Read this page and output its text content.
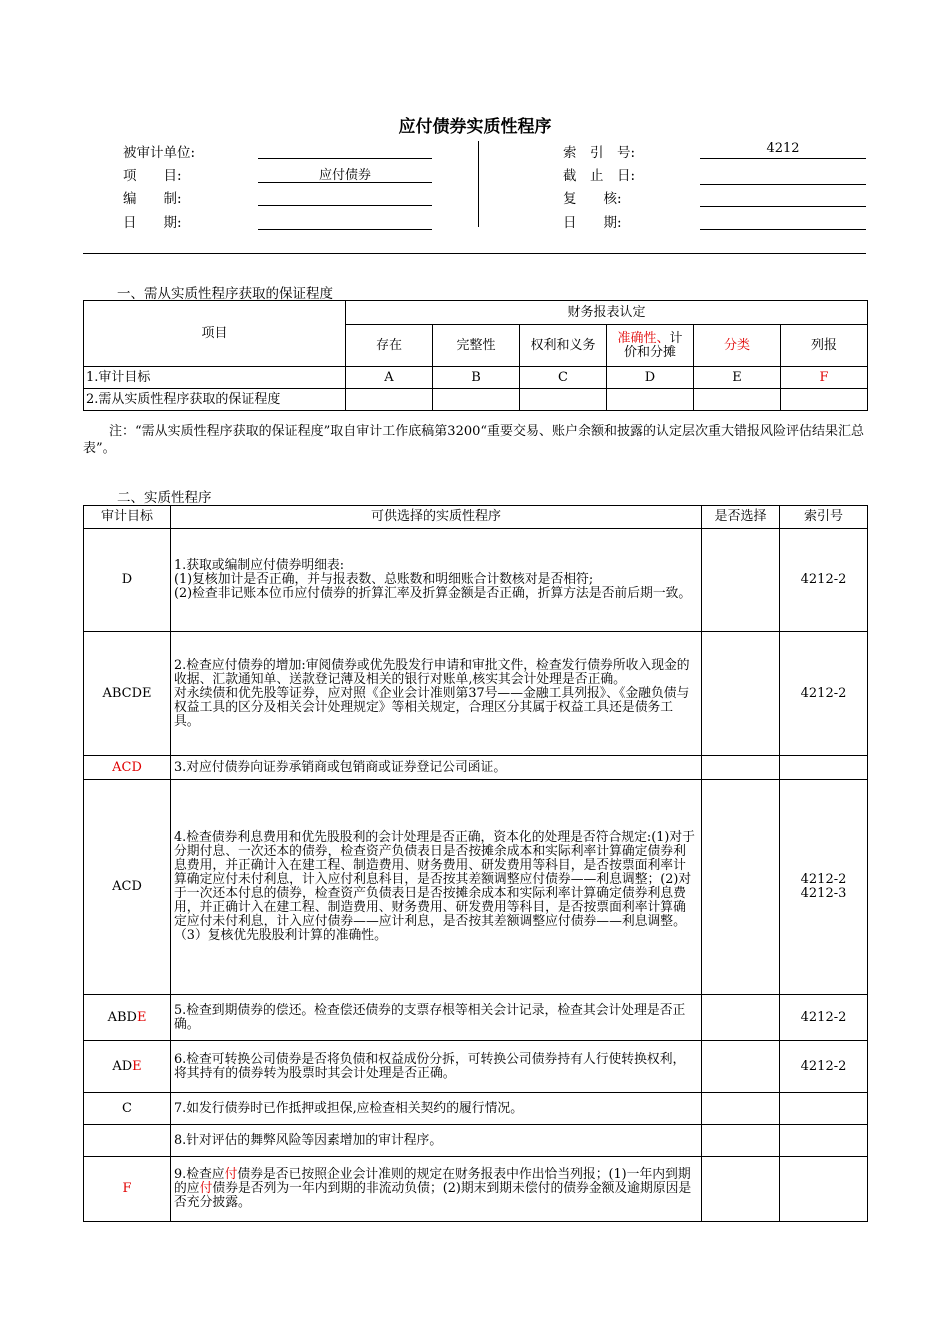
应付债券实质性程序
被审计单位:
项　　目:	应付债券
编　　制:
日　　期:
索　引　号:	4212
截　止　日:
复　　核:
日　　期:
一、需从实质性程序获取的保证程度
项目	财务报表认定					
	存在	完整性	权利和义务	准确性、计
价和分摊	分类	列报
1.审计目标	A	B	C	D	E	F
2.需从实质性程序获取的保证程度						
　　注：“需从实质性程序获取的保证程度”取自审计工作底稿第3200“重要交易、账户余额和披露的认定层次重大错报风险评估结果汇总表”。
二、实质性程序
审计目标	可供选择的实质性程序	是否选择	索引号
D	1.获取或编制应付债券明细表:
(1)复核加计是否正确，并与报表数、总账数和明细账合计数核对是否相符;
(2)检查非记账本位币应付债券的折算汇率及折算金额是否正确，折算方法是否前后期一致。		4212-2
ABCDE	2.检查应付债券的增加:审阅债券或优先股发行申请和审批文件，检查发行债券所收入现金的收据、汇款通知单、送款登记薄及相关的银行对账单,核实其会计处理是否正确。
对永续债和优先股等证券，应对照《企业会计准则第37号——金融工具列报》、《金融负债与权益工具的区分及相关会计处理规定》等相关规定，合理区分其属于权益工具还是债务工具。		4212-2
ACD	3.对应付债券向证券承销商或包销商或证券登记公司函证。		
ACD	4.检查债券利息费用和优先股股利的会计处理是否正确，资本化的处理是否符合规定:(1)对于分期付息、一次还本的债券，检查资产负债表日是否按摊余成本和实际利率计算确定债券利息费用，并正确计入在建工程、制造费用、财务费用、研发费用等科目，是否按票面利率计算确定应付未付利息，计入应付利息科目，是否按其差额调整应付债券——利息调整；(2)对于一次还本付息的债券，检查资产负债表日是否按摊余成本和实际利率计算确定债券利息费用，并正确计入在建工程、制造费用、财务费用、研发费用等科目，是否按票面利率计算确定应付未付利息，计入应付债券——应计利息，是否按其差额调整应付债券——利息调整。（3）复核优先股股利计算的准确性。		4212-2
4212-3
ABDE	5.检查到期债券的偿还。检查偿还债券的支票存根等相关会计记录，检查其会计处理是否正确。		4212-2
ADE	6.检查可转换公司债券是否将负债和权益成份分拆，可转换公司债券持有人行使转换权利，将其持有的债券转为股票时其会计处理是否正确。		4212-2
C	7.如发行债券时已作抵押或担保,应检查相关契约的履行情况。		
	8.针对评估的舞弊风险等因素增加的审计程序。		
F	9.检查应付债券是否已按照企业会计准则的规定在财务报表中作出恰当列报；(1)一年内到期的应付债券是否列为一年内到期的非流动负债；(2)期末到期未偿付的债券金额及逾期原因是否充分披露。		
